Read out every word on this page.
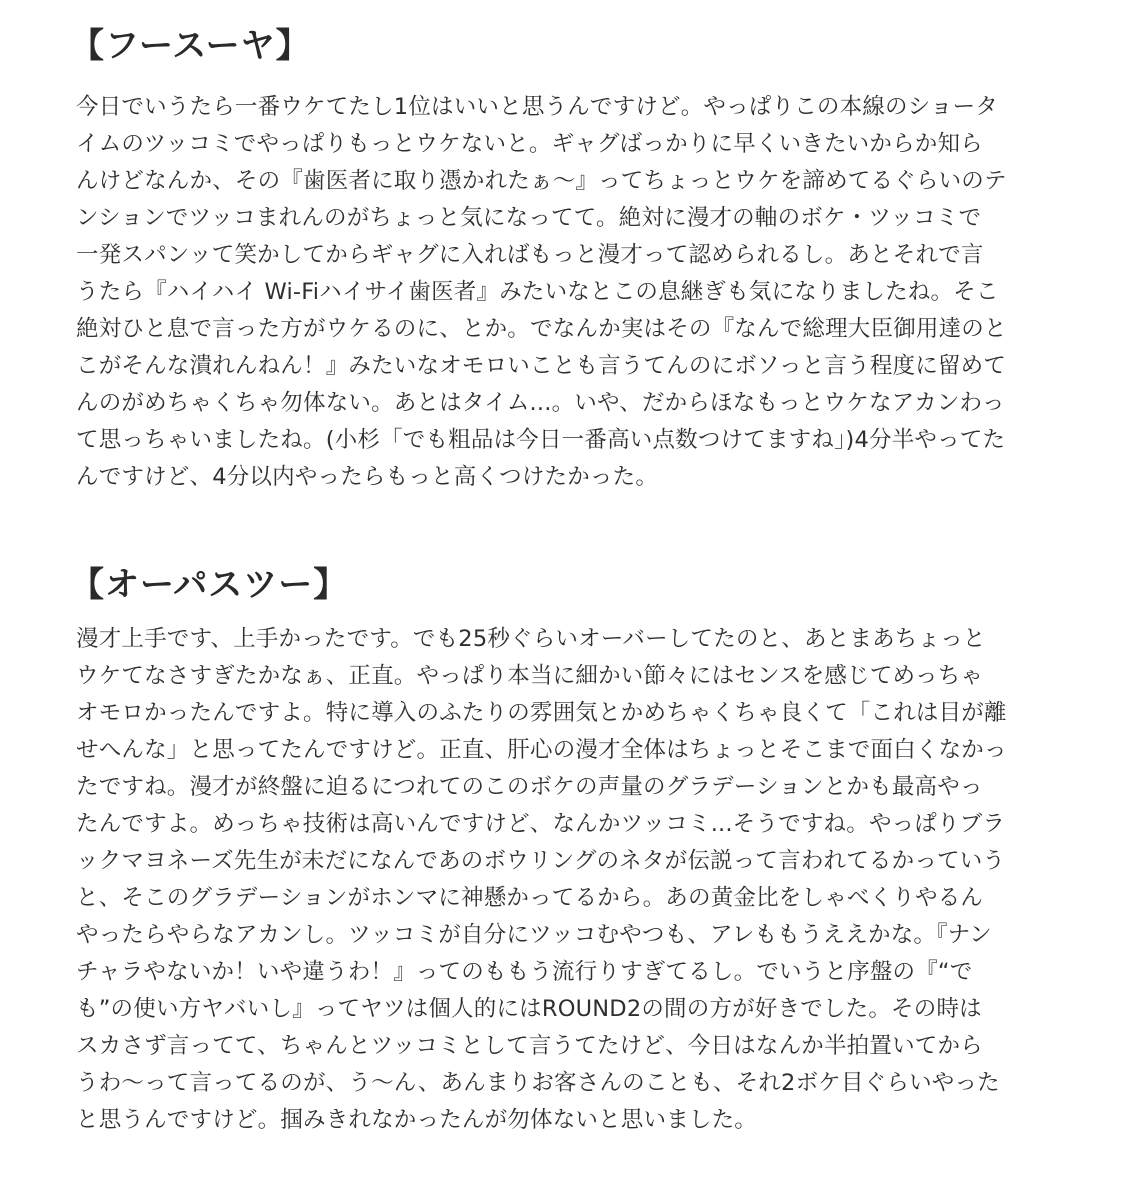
【フースーヤ】
今日でいうたら一番ウケてたし1位はいいと思うんですけど。やっぱりこの本線のショータ
イムのツッコミでやっぱりもっとウケないと。ギャグばっかりに早くいきたいからか知ら
んけどなんか、その『歯医者に取り憑かれたぁ〜』ってちょっとウケを諦めてるぐらいのテ
ンションでツッコまれんのがちょっと気になってて。絶対に漫才の軸のボケ・ツッコミで
一発スパンッて笑かしてからギャグに入ればもっと漫才って認められるし。あとそれで言
うたら『ハイハイ Wi-Fiハイサイ歯医者』みたいなとこの息継ぎも気になりましたね。そこ
絶対ひと息で言った方がウケるのに、とか。でなんか実はその『なんで総理大臣御用達のと
こがそんな潰れんねん！』みたいなオモロいことも言うてんのにボソっと言う程度に留めて
んのがめちゃくちゃ勿体ない。あとはタイム...。いや、だからほなもっとウケなアカンわっ
て思っちゃいましたね。(小杉「でも粗品は今日一番高い点数つけてますね」)4分半やってた
んですけど、4分以内やったらもっと高くつけたかった。
【オーパスツー】
漫才上手です、上手かったです。でも25秒ぐらいオーバーしてたのと、あとまあちょっと
ウケてなさすぎたかなぁ、正直。やっぱり本当に細かい節々にはセンスを感じてめっちゃ
オモロかったんですよ。特に導入のふたりの雰囲気とかめちゃくちゃ良くて「これは目が離
せへんな」と思ってたんですけど。正直、肝心の漫才全体はちょっとそこまで面白くなかっ
たですね。漫才が終盤に迫るにつれてのこのボケの声量のグラデーションとかも最高やっ
たんですよ。めっちゃ技術は高いんですけど、なんかツッコミ...そうですね。やっぱりブラ
ックマヨネーズ先生が未だになんであのボウリングのネタが伝説って言われてるかっていう
と、そこのグラデーションがホンマに神懸かってるから。あの黄金比をしゃべくりやるん
やったらやらなアカンし。ツッコミが自分にツッコむやつも、アレももうええかな。『ナン
チャラやないか！いや違うわ！』ってのももう流行りすぎてるし。でいうと序盤の『“で
も”の使い方ヤバいし』ってヤツは個人的にはROUND2の間の方が好きでした。その時は
スカさず言ってて、ちゃんとツッコミとして言うてたけど、今日はなんか半拍置いてから
うわ〜って言ってるのが、う〜ん、あんまりお客さんのことも、それ2ボケ目ぐらいやった
と思うんですけど。掴みきれなかったんが勿体ないと思いました。
